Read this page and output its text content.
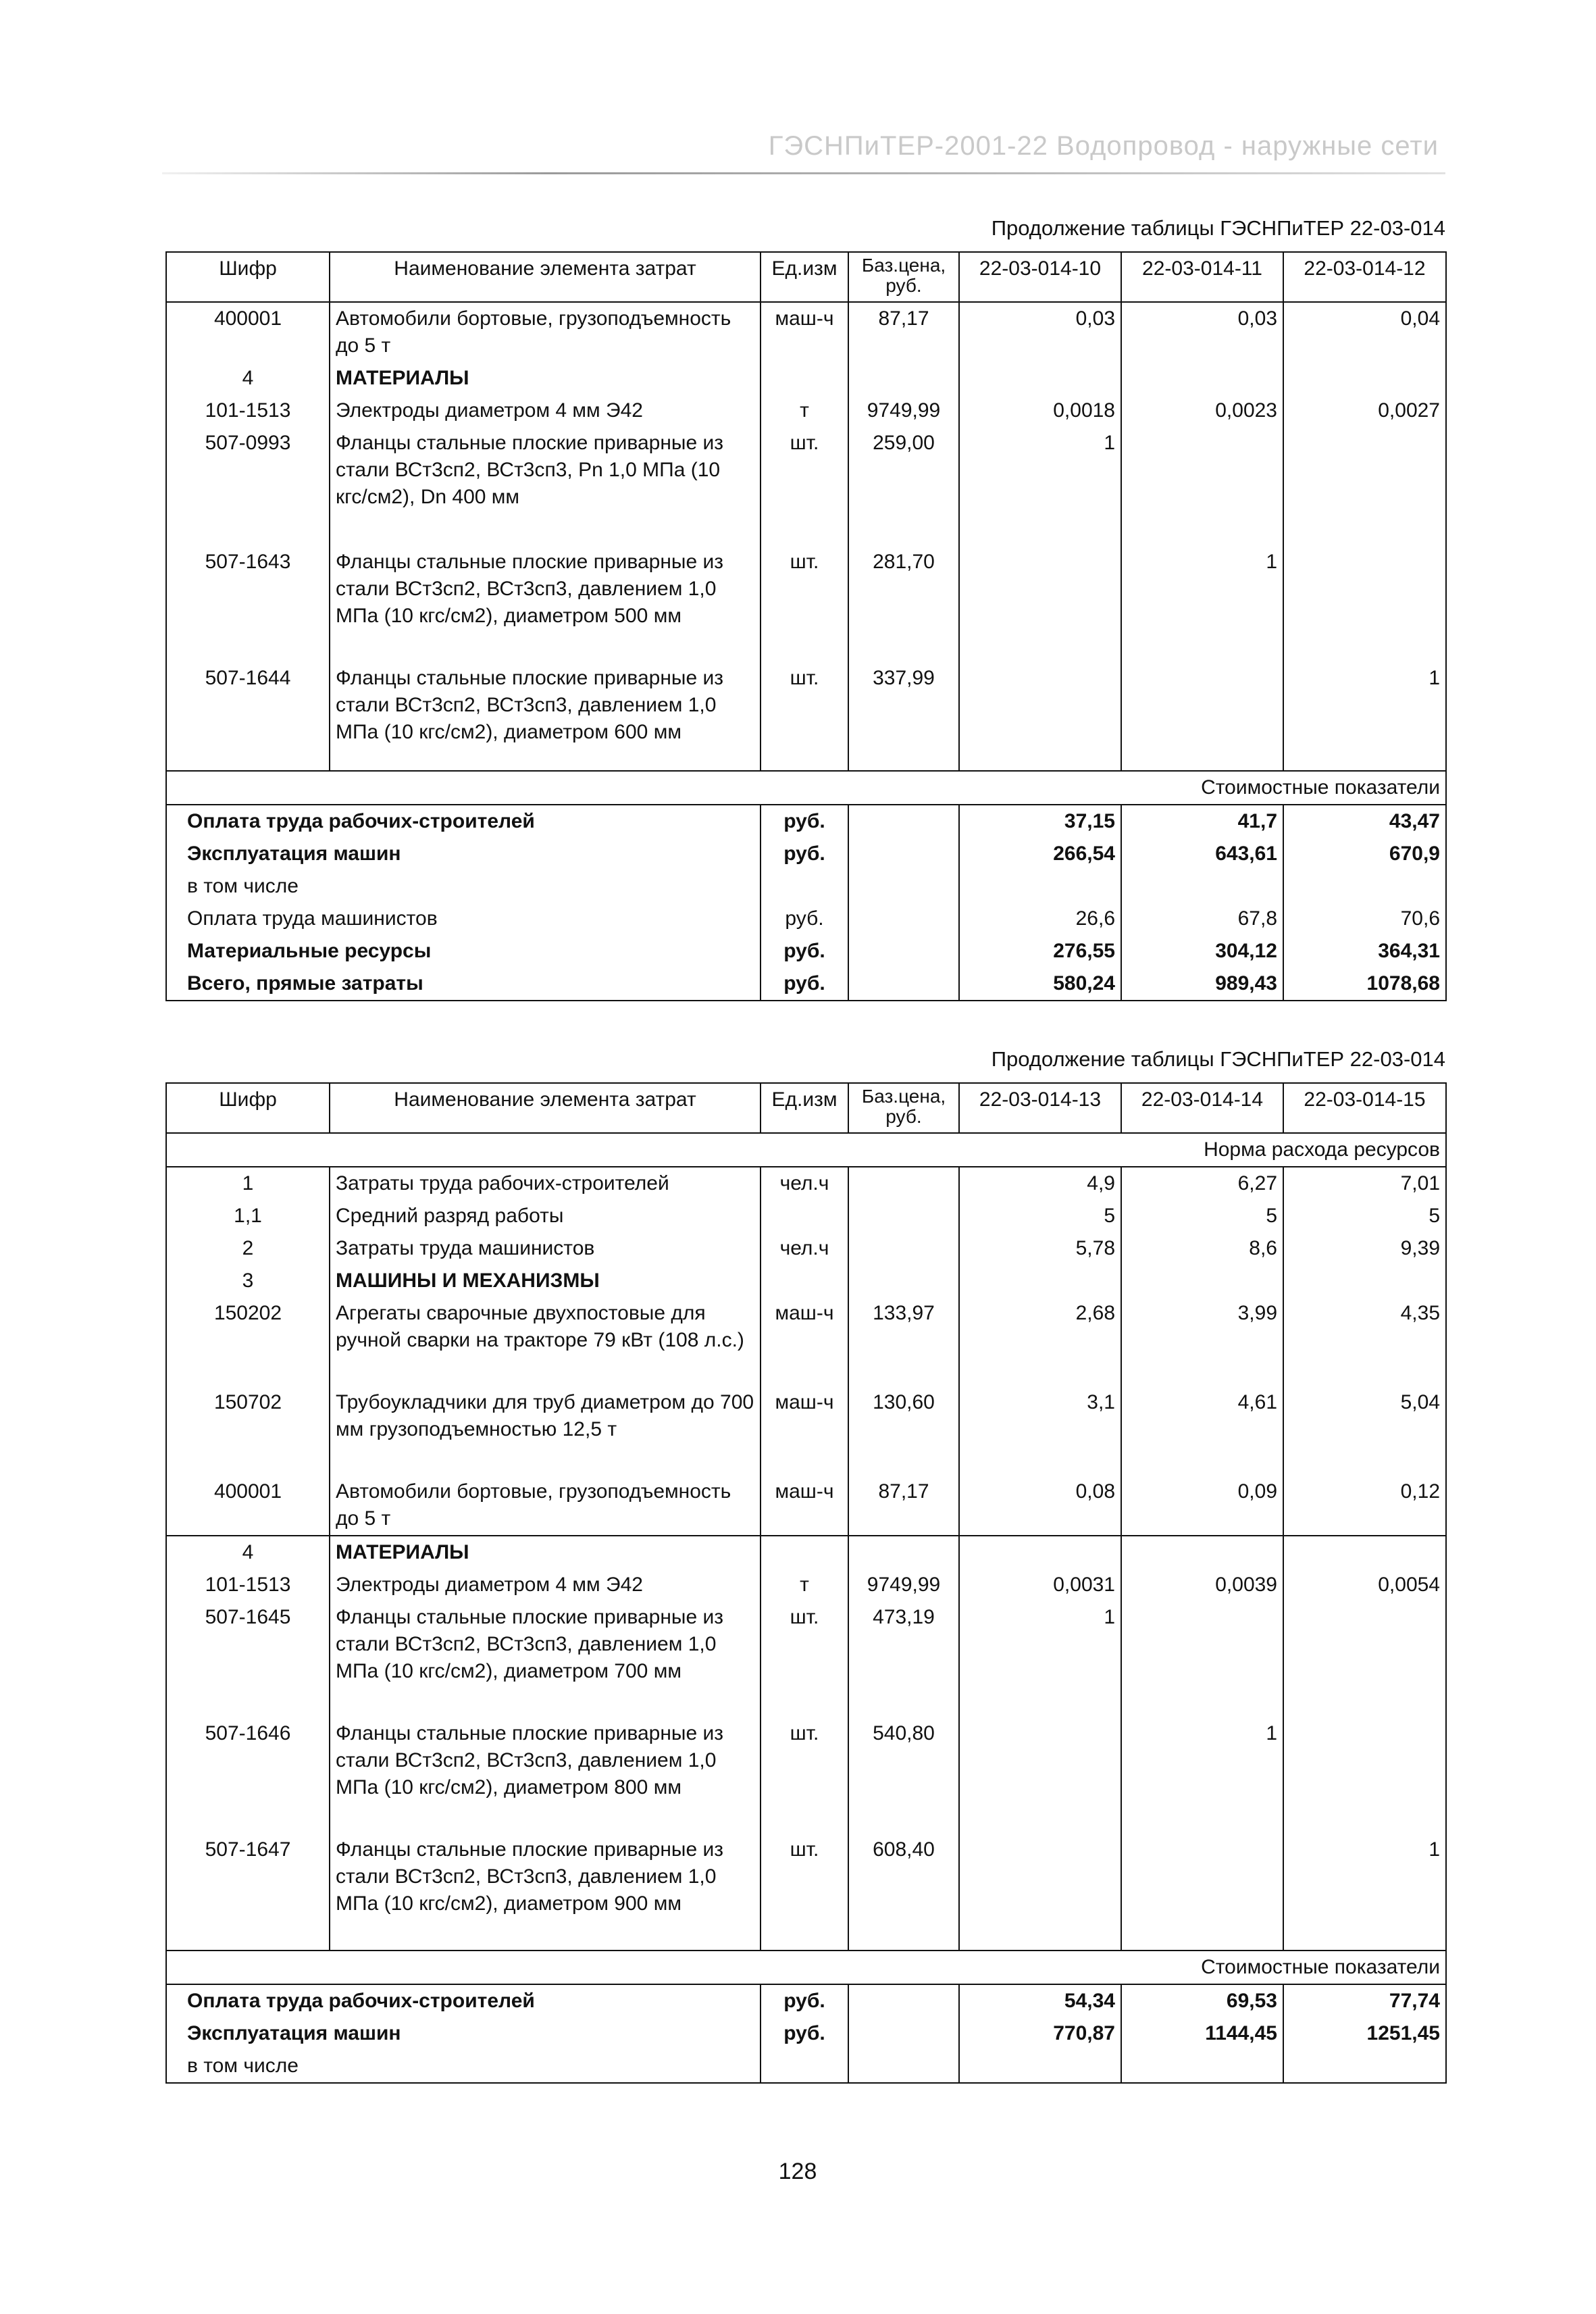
ГЭСНПиТЕР-2001-22 Водопровод - наружные сети
Продолжение таблицы ГЭСНПиТЕР 22-03-014
Шифр	Наименование элемента затрат	Ед.изм	Баз.цена, руб.	22-03-014-10	22-03-014-11	22-03-014-12
400001	Автомобили бортовые, грузоподъемность до 5 т	маш-ч	87,17	0,03	0,03	0,04
4	МАТЕРИАЛЫ					
101-1513	Электроды диаметром 4 мм Э42	т	9749,99	0,0018	0,0023	0,0027
507-0993	Фланцы стальные плоские приварные из стали ВСт3сп2, ВСт3сп3, Pn 1,0 МПа (10 кгс/см2), Dn 400 мм	шт.	259,00	1		
507-1643	Фланцы стальные плоские приварные из стали ВСт3сп2, ВСт3сп3, давлением 1,0 МПа (10 кгс/см2), диаметром 500 мм	шт.	281,70		1	
507-1644	Фланцы стальные плоские приварные из стали ВСт3сп2, ВСт3сп3, давлением 1,0 МПа (10 кгс/см2), диаметром 600 мм	шт.	337,99			1
Стоимостные показатели						
Оплата труда рабочих-строителей		руб.		37,15	41,7	43,47
Эксплуатация машин		руб.		266,54	643,61	670,9
в том числе						
Оплата труда машинистов		руб.		26,6	67,8	70,6
Материальные ресурсы		руб.		276,55	304,12	364,31
Всего, прямые затраты		руб.		580,24	989,43	1078,68
Продолжение таблицы ГЭСНПиТЕР 22-03-014
Шифр	Наименование элемента затрат	Ед.изм	Баз.цена, руб.	22-03-014-13	22-03-014-14	22-03-014-15
Норма расхода ресурсов						
1	Затраты труда рабочих-строителей	чел.ч		4,9	6,27	7,01
1,1	Средний разряд работы			5	5	5
2	Затраты труда машинистов	чел.ч		5,78	8,6	9,39
3	МАШИНЫ И МЕХАНИЗМЫ					
150202	Агрегаты сварочные двухпостовые для ручной сварки на тракторе 79 кВт (108 л.с.)	маш-ч	133,97	2,68	3,99	4,35
150702	Трубоукладчики для труб диаметром до 700 мм грузоподъемностью 12,5 т	маш-ч	130,60	3,1	4,61	5,04
400001	Автомобили бортовые, грузоподъемность до 5 т	маш-ч	87,17	0,08	0,09	0,12
4	МАТЕРИАЛЫ					
101-1513	Электроды диаметром 4 мм Э42	т	9749,99	0,0031	0,0039	0,0054
507-1645	Фланцы стальные плоские приварные из стали ВСт3сп2, ВСт3сп3, давлением 1,0 МПа (10 кгс/см2), диаметром 700 мм	шт.	473,19	1		
507-1646	Фланцы стальные плоские приварные из стали ВСт3сп2, ВСт3сп3, давлением 1,0 МПа (10 кгс/см2), диаметром 800 мм	шт.	540,80		1	
507-1647	Фланцы стальные плоские приварные из стали ВСт3сп2, ВСт3сп3, давлением 1,0 МПа (10 кгс/см2), диаметром 900 мм	шт.	608,40			1
Стоимостные показатели						
Оплата труда рабочих-строителей		руб.		54,34	69,53	77,74
Эксплуатация машин		руб.		770,87	1144,45	1251,45
в том числе						
128
